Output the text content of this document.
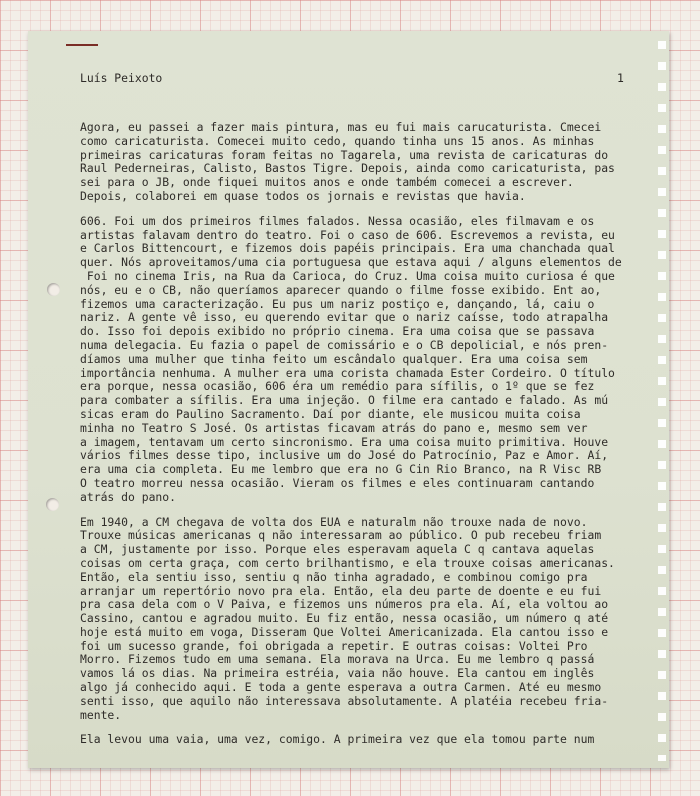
Luís Peixoto	1
Agora, eu passei a fazer mais pintura, mas eu fui mais carucaturista. Cmecei
como caricaturista. Comecei muito cedo, quando tinha uns 15 anos. As minhas
primeiras caricaturas foram feitas no Tagarela, uma revista de caricaturas do
Raul Pederneiras, Calisto, Bastos Tigre. Depois, ainda como caricaturista, pas
sei para o JB, onde fiquei muitos anos e onde também comecei a escrever.
Depois, colaborei em quase todos os jornais e revistas que havia.
606. Foi um dos primeiros filmes falados. Nessa ocasião, eles filmavam e os
artistas falavam dentro do teatro. Foi o caso de 606. Escrevemos a revista, eu
e Carlos Bittencourt, e fizemos dois papéis principais. Era uma chanchada qual
quer. Nós aproveitamos/uma cia portuguesa que estava aqui / alguns elementos de
Foi no cinema Iris, na Rua da Carioca, do Cruz. Uma coisa muito curiosa é que
nós, eu e o CB, não queríamos aparecer quando o filme fosse exibido. Ent ao,
fizemos uma caracterização. Eu pus um nariz postiço e, dançando, lá, caiu o
nariz. A gente vê isso, eu querendo evitar que o nariz caísse, todo atrapalha
do. Isso foi depois exibido no próprio cinema. Era uma coisa que se passava
numa delegacia. Eu fazia o papel de comissário e o CB depolicial, e nós pren-
díamos uma mulher que tinha feito um escândalo qualquer. Era uma coisa sem
importância nenhuma. A mulher era uma corista chamada Ester Cordeiro. O título
era porque, nessa ocasião, 606 éra um remédio para sífilis, o 1º que se fez
para combater a sífilis. Era uma injeção. O filme era cantado e falado. As mú
sicas eram do Paulino Sacramento. Daí por diante, ele musicou muita coisa
minha no Teatro S José. Os artistas ficavam atrás do pano e, mesmo sem ver
a imagem, tentavam um certo sincronismo. Era uma coisa muito primitiva. Houve
vários filmes desse tipo, inclusive um do José do Patrocínio, Paz e Amor. Aí,
era uma cia completa. Eu me lembro que era no G Cin Rio Branco, na R Visc RB
O teatro morreu nessa ocasião. Vieram os filmes e eles continuaram cantando
atrás do pano.
Em 1940, a CM chegava de volta dos EUA e naturalm não trouxe nada de novo.
Trouxe músicas americanas q não interessaram ao público. O pub recebeu friam
a CM, justamente por isso. Porque eles esperavam aquela C q cantava aquelas
coisas om certa graça, com certo brilhantismo, e ela trouxe coisas americanas.
Então, ela sentiu isso, sentiu q não tinha agradado, e combinou comigo pra
arranjar um repertório novo pra ela. Então, ela deu parte de doente e eu fui
pra casa dela com o V Paiva, e fizemos uns números pra ela. Aí, ela voltou ao
Cassino, cantou e agradou muito. Eu fiz então, nessa ocasião, um número q até
hoje está muito em voga, Disseram Que Voltei Americanizada. Ela cantou isso e
foi um sucesso grande, foi obrigada a repetir. E outras coisas: Voltei Pro
Morro. Fizemos tudo em uma semana. Ela morava na Urca. Eu me lembro q passá
vamos lá os dias. Na primeira estréia, vaia não houve. Ela cantou em inglês
algo já conhecido aqui. E toda a gente esperava a outra Carmen. Até eu mesmo
senti isso, que aquilo não interessava absolutamente. A platéia recebeu fria-
mente.
Ela levou uma vaia, uma vez, comigo. A primeira vez que ela tomou parte num
